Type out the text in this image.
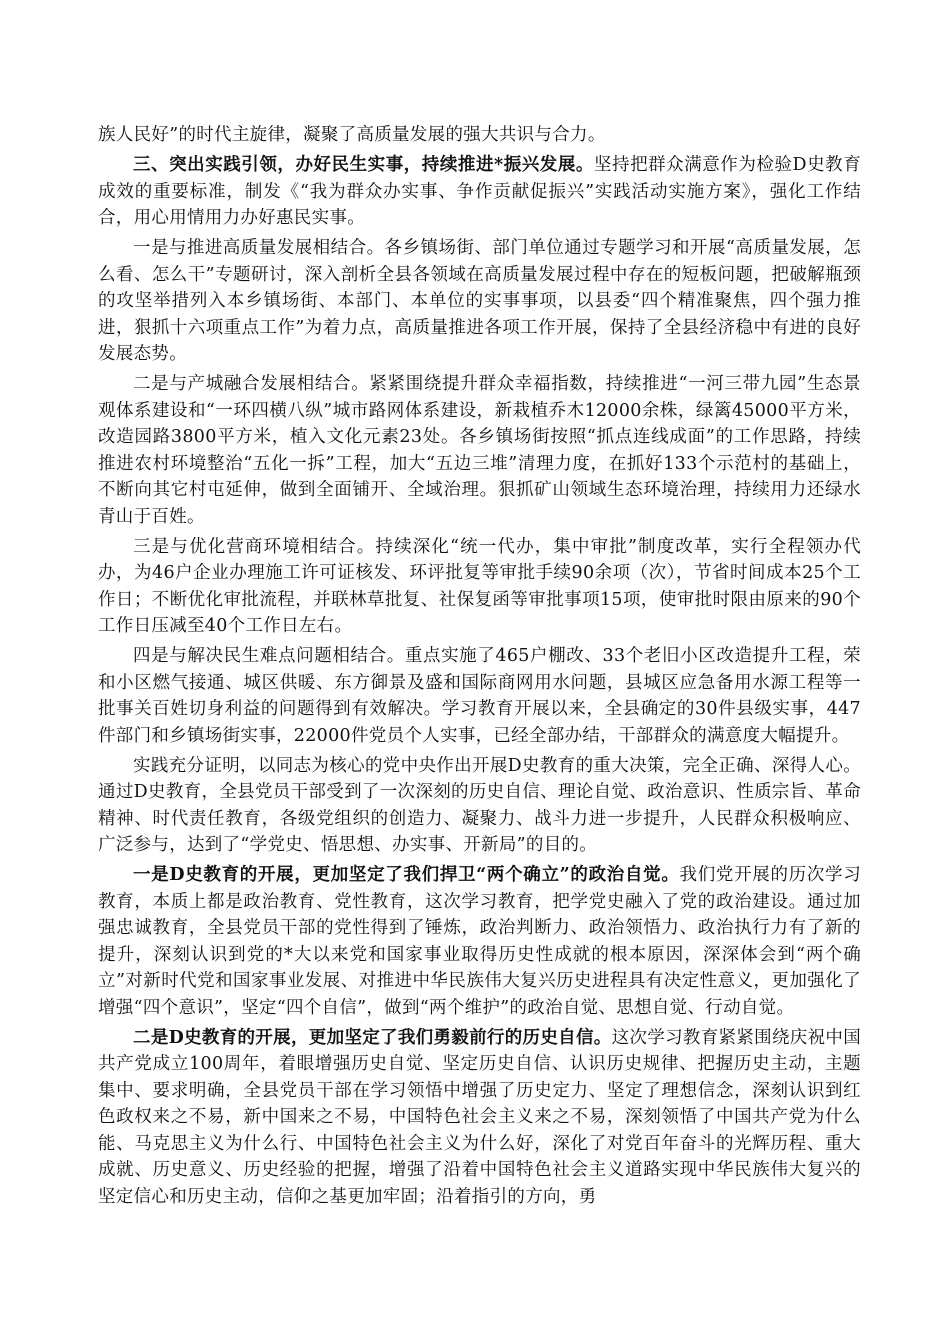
族人民好”的时代主旋律，凝聚了高质量发展的强大共识与合力。

三、突出实践引领，办好民生实事，持续推进*振兴发展。坚持把群众满意作为检验D史教育成效的重要标准，制发《“我为群众办实事、争作贡献促振兴”实践活动实施方案》，强化工作结合，用心用情用力办好惠民实事。

一是与推进高质量发展相结合。各乡镇场街、部门单位通过专题学习和开展“高质量发展，怎么看、怎么干”专题研讨，深入剖析全县各领域在高质量发展过程中存在的短板问题，把破解瓶颈的攻坚举措列入本乡镇场街、本部门、本单位的实事事项，以县委“四个精准聚焦，四个强力推进，狠抓十六项重点工作”为着力点，高质量推进各项工作开展，保持了全县经济稳中有进的良好发展态势。

二是与产城融合发展相结合。紧紧围绕提升群众幸福指数，持续推进“一河三带九园”生态景观体系建设和“一环四横八纵”城市路网体系建设，新栽植乔木12000余株，绿篱45000平方米，改造园路3800平方米，植入文化元素23处。各乡镇场街按照“抓点连线成面”的工作思路，持续推进农村环境整治“五化一拆”工程，加大“五边三堆”清理力度，在抓好133个示范村的基础上，不断向其它村屯延伸，做到全面铺开、全域治理。狠抓矿山领域生态环境治理，持续用力还绿水青山于百姓。

三是与优化营商环境相结合。持续深化“统一代办，集中审批”制度改革，实行全程领办代办，为46户企业办理施工许可证核发、环评批复等审批手续90余项（次），节省时间成本25个工作日；不断优化审批流程，并联林草批复、社保复函等审批事项15项，使审批时限由原来的90个工作日压减至40个工作日左右。

四是与解决民生难点问题相结合。重点实施了465户棚改、33个老旧小区改造提升工程，荣和小区燃气接通、城区供暖、东方御景及盛和国际商网用水问题，县城区应急备用水源工程等一批事关百姓切身利益的问题得到有效解决。学习教育开展以来，全县确定的30件县级实事，447件部门和乡镇场街实事，22000件党员个人实事，已经全部办结，干部群众的满意度大幅提升。

实践充分证明，以同志为核心的党中央作出开展D史教育的重大决策，完全正确、深得人心。通过D史教育，全县党员干部受到了一次深刻的历史自信、理论自觉、政治意识、性质宗旨、革命精神、时代责任教育，各级党组织的创造力、凝聚力、战斗力进一步提升，人民群众积极响应、广泛参与，达到了“学党史、悟思想、办实事、开新局”的目的。

一是D史教育的开展，更加坚定了我们捍卫“两个确立”的政治自觉。我们党开展的历次学习教育，本质上都是政治教育、党性教育，这次学习教育，把学党史融入了党的政治建设。通过加强忠诚教育，全县党员干部的党性得到了锤炼，政治判断力、政治领悟力、政治执行力有了新的提升，深刻认识到党的*大以来党和国家事业取得历史性成就的根本原因，深深体会到“两个确立”对新时代党和国家事业发展、对推进中华民族伟大复兴历史进程具有决定性意义，更加强化了增强“四个意识”，坚定“四个自信”，做到“两个维护”的政治自觉、思想自觉、行动自觉。

二是D史教育的开展，更加坚定了我们勇毅前行的历史自信。这次学习教育紧紧围绕庆祝中国共产党成立100周年，着眼增强历史自觉、坚定历史自信、认识历史规律、把握历史主动，主题集中、要求明确，全县党员干部在学习领悟中增强了历史定力、坚定了理想信念，深刻认识到红色政权来之不易，新中国来之不易，中国特色社会主义来之不易，深刻领悟了中国共产党为什么能、马克思主义为什么行、中国特色社会主义为什么好，深化了对党百年奋斗的光辉历程、重大成就、历史意义、历史经验的把握，增强了沿着中国特色社会主义道路实现中华民族伟大复兴的坚定信心和历史主动，信仰之基更加牢固；沿着指引的方向，勇
